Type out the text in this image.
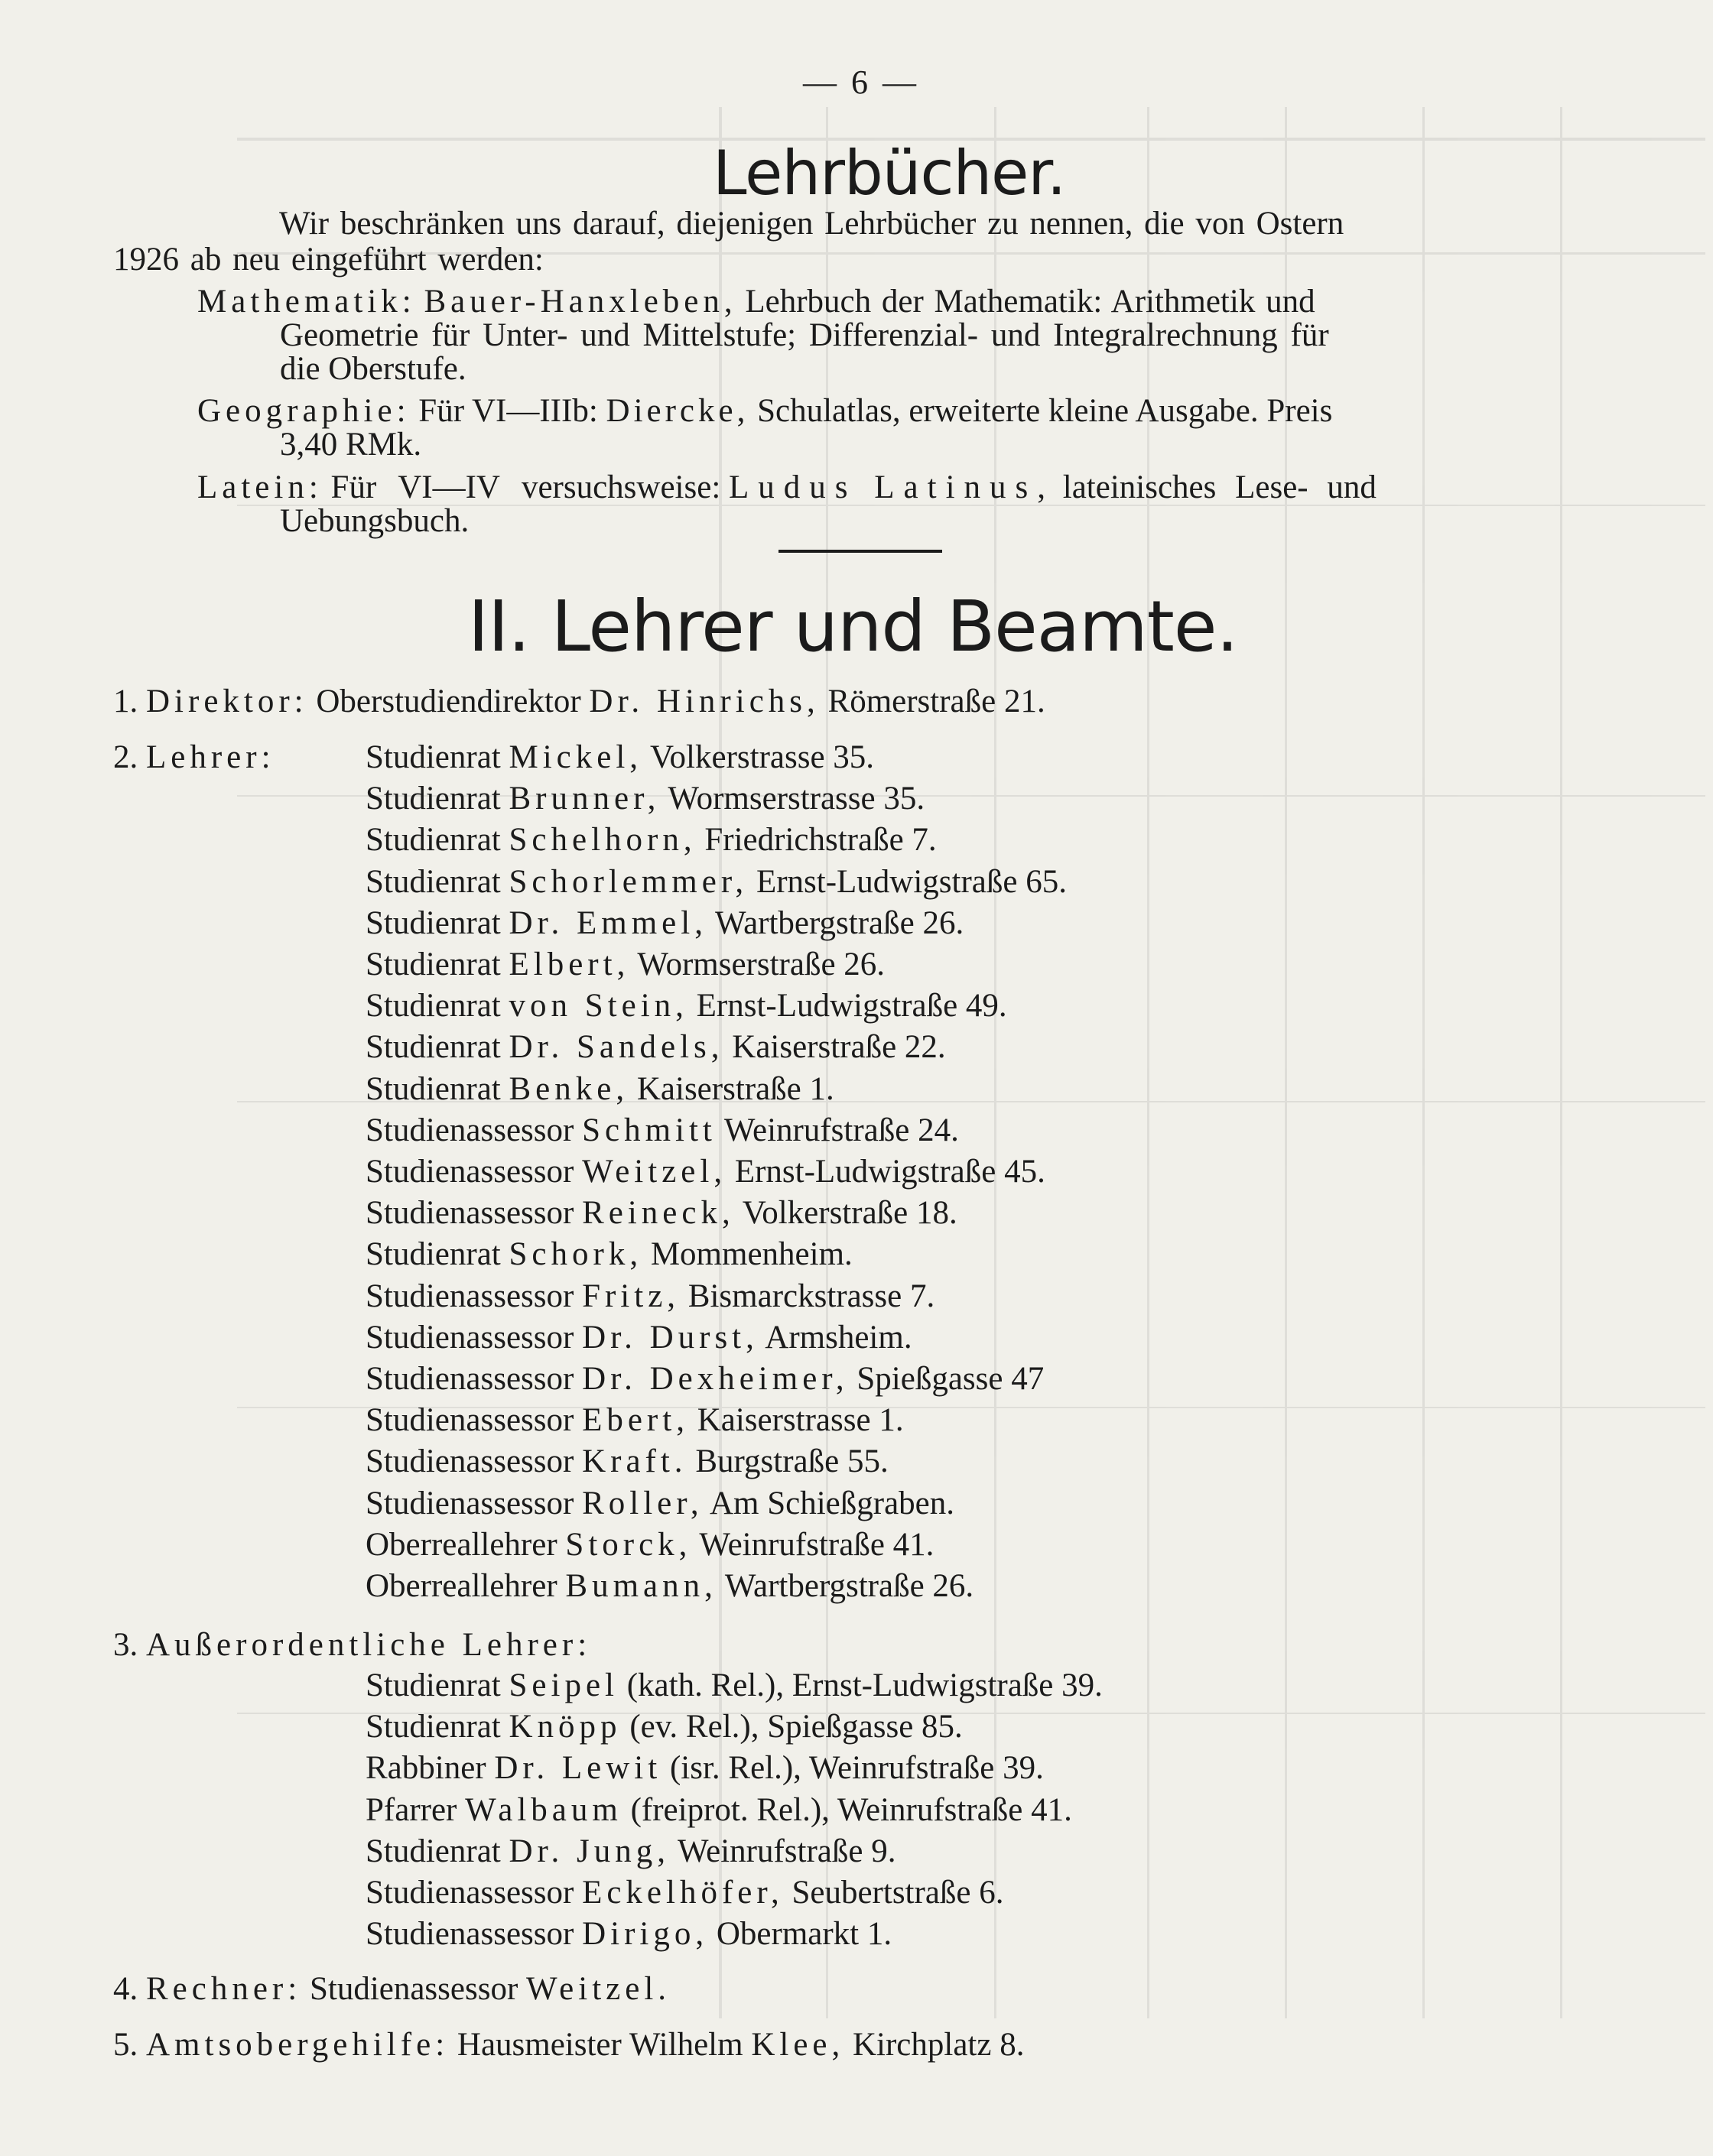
— 6 —
Lehrbücher.
Wir beschränken uns darauf, diejenigen Lehrbücher zu nennen, die von Ostern
1926 ab neu eingeführt werden:
Mathematik: Bauer-Hanxleben, Lehrbuch der Mathematik: Arithmetik und
Geometrie für Unter- und Mittelstufe; Differenzial- und Integralrechnung für
die Oberstufe.
Geographie: Für VI—IIIb: Diercke, Schulatlas, erweiterte kleine Ausgabe. Preis
3,40 RMk.
Latein: Für VI—IV versuchsweise: Ludus Latinus, lateinisches Lese- und
Uebungsbuch.
II. Lehrer und Beamte.
1. Direktor: Oberstudiendirektor Dr. Hinrichs, Römerstraße 21.
2. Lehrer:	Studienrat Mickel, Volkerstrasse 35.
Studienrat Brunner, Wormserstrasse 35.
Studienrat Schelhorn, Friedrichstraße 7.
Studienrat Schorlemmer, Ernst-Ludwigstraße 65.
Studienrat Dr. Emmel, Wartbergstraße 26.
Studienrat Elbert, Wormserstraße 26.
Studienrat von Stein, Ernst-Ludwigstraße 49.
Studienrat Dr. Sandels, Kaiserstraße 22.
Studienrat Benke, Kaiserstraße 1.
Studienassessor Schmitt Weinrufstraße 24.
Studienassessor Weitzel, Ernst-Ludwigstraße 45.
Studienassessor Reineck, Volkerstraße 18.
Studienrat Schork, Mommenheim.
Studienassessor Fritz, Bismarckstrasse 7.
Studienassessor Dr. Durst, Armsheim.
Studienassessor Dr. Dexheimer, Spießgasse 47
Studienassessor Ebert, Kaiserstrasse 1.
Studienassessor Kraft. Burgstraße 55.
Studienassessor Roller, Am Schießgraben.
Oberreallehrer Storck, Weinrufstraße 41.
Oberreallehrer Bumann, Wartbergstraße 26.
3. Außerordentliche Lehrer:
Studienrat Seipel (kath. Rel.), Ernst-Ludwigstraße 39.
Studienrat Knöpp (ev. Rel.), Spießgasse 85.
Rabbiner Dr. Lewit (isr. Rel.), Weinrufstraße 39.
Pfarrer Walbaum (freiprot. Rel.), Weinrufstraße 41.
Studienrat Dr. Jung, Weinrufstraße 9.
Studienassessor Eckelhöfer, Seubertstraße 6.
Studienassessor Dirigo, Obermarkt 1.
4. Rechner: Studienassessor Weitzel.
5. Amtsobergehilfe: Hausmeister Wilhelm Klee, Kirchplatz 8.
